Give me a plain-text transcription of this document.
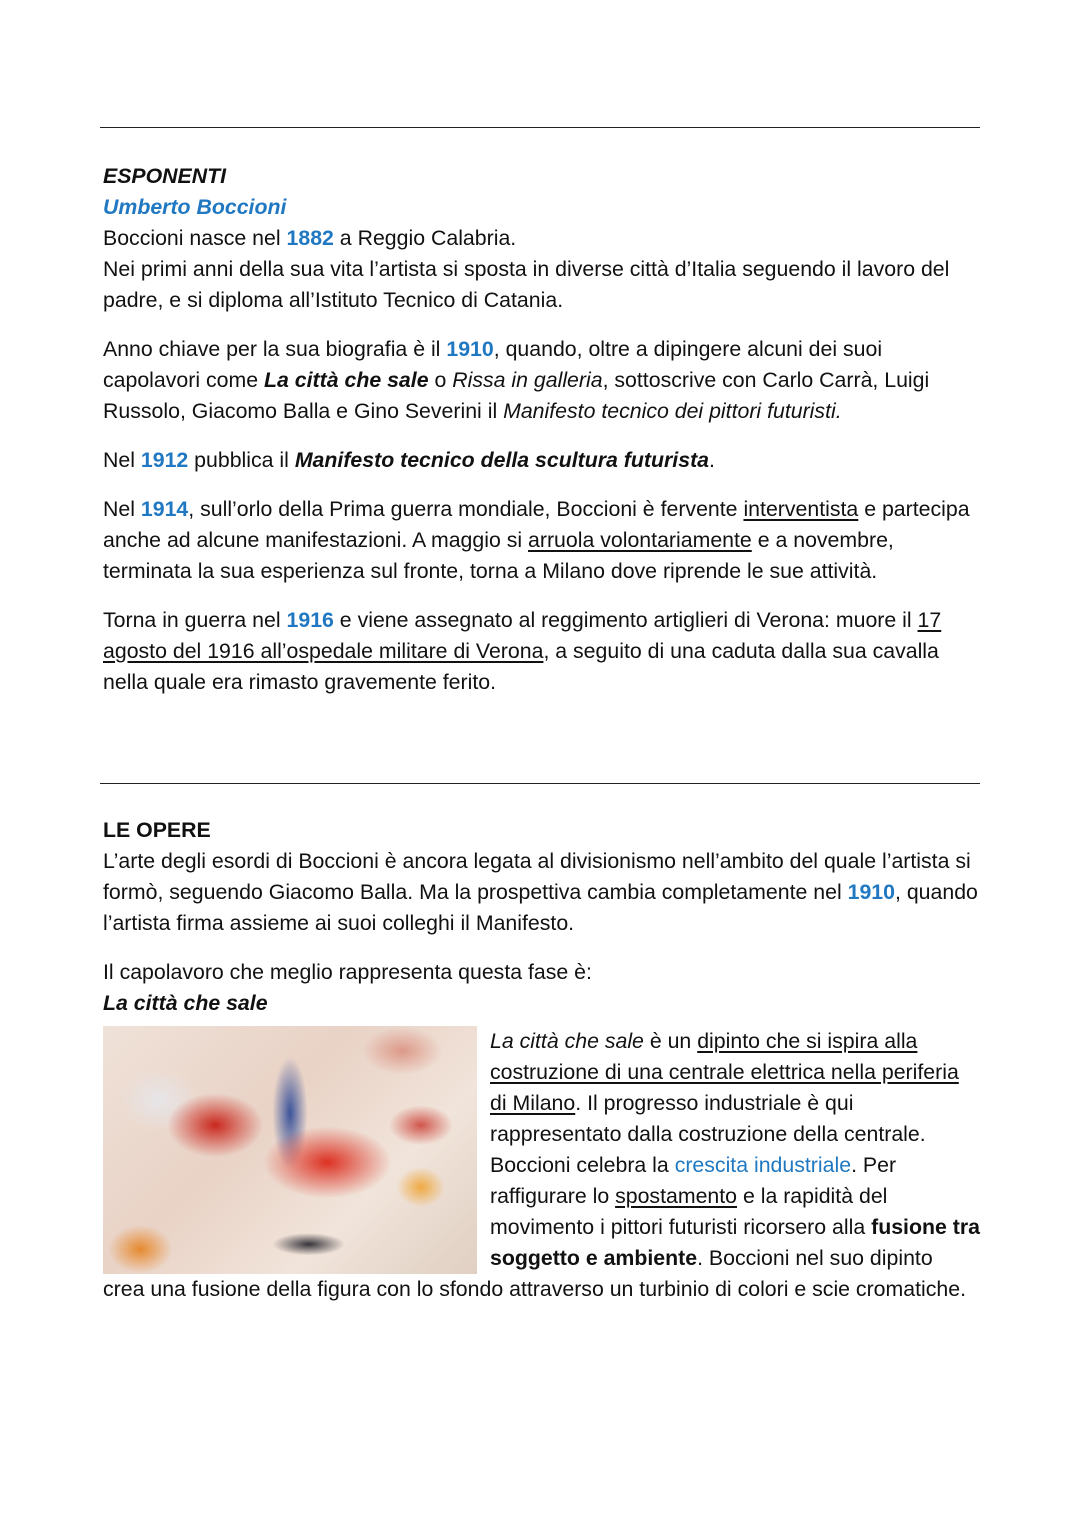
ESPONENTI

Umberto Boccioni

Boccioni nasce nel 1882 a Reggio Calabria.
Nei primi anni della sua vita l’artista si sposta in diverse città d’Italia seguendo il lavoro del padre, e si diploma all’Istituto Tecnico di Catania.

Anno chiave per la sua biografia è il 1910, quando, oltre a dipingere alcuni dei suoi capolavori come La città che sale o Rissa in galleria, sottoscrive con Carlo Carrà, Luigi Russolo, Giacomo Balla e Gino Severini il Manifesto tecnico dei pittori futuristi.

Nel 1912 pubblica il Manifesto tecnico della scultura futurista.

Nel 1914, sull’orlo della Prima guerra mondiale, Boccioni è fervente interventista e partecipa anche ad alcune manifestazioni. A maggio si arruola volontariamente e a novembre, terminata la sua esperienza sul fronte, torna a Milano dove riprende le sue attività.

Torna in guerra nel 1916 e viene assegnato al reggimento artiglieri di Verona: muore il 17 agosto del 1916 all’ospedale militare di Verona, a seguito di una caduta dalla sua cavalla nella quale era rimasto gravemente ferito.

LE OPERE

L’arte degli esordi di Boccioni è ancora legata al divisionismo nell’ambito del quale l’artista si formò, seguendo Giacomo Balla. Ma la prospettiva cambia completamente nel 1910, quando l’artista firma assieme ai suoi colleghi il Manifesto.

Il capolavoro che meglio rappresenta questa fase è:
La città che sale

La città che sale è un dipinto che si ispira alla costruzione di una centrale elettrica nella periferia di Milano. Il progresso industriale è qui rappresentato dalla costruzione della centrale. Boccioni celebra la crescita industriale. Per raffigurare lo spostamento e la rapidità del movimento i pittori futuristi ricorsero alla fusione tra soggetto e ambiente. Boccioni nel suo dipinto crea una fusione della figura con lo sfondo attraverso un turbinio di colori e scie cromatiche.
